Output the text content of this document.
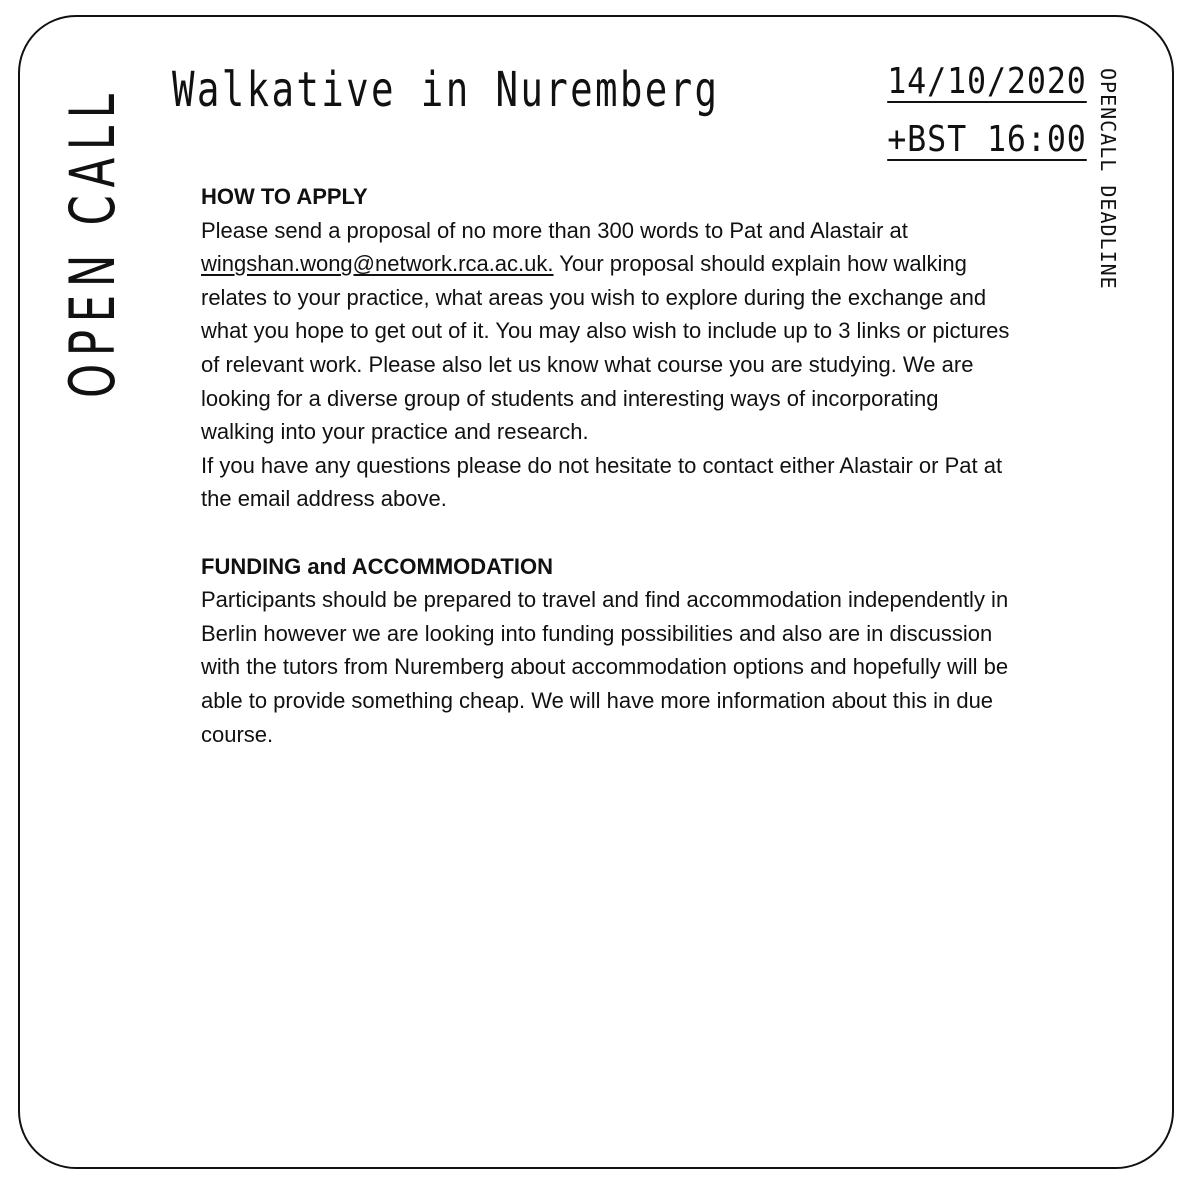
OPEN CALL Walkative in Nuremberg	14/10/2020
+BST 16:00 OPENCALL DEADLINE
HOW TO APPLY

Please send a proposal of no more than 300 words to Pat and Alastair at
wingshan.wong@network.rca.ac.uk. Your proposal should explain how walking relates to your practice, what areas you wish to explore during the exchange and what you hope to get out of it. You may also wish to include up to 3 links or pictures of relevant work. Please also let us know what course you are studying. We are looking for a diverse group of students and interesting ways of incorporating walking into your practice and research.

If you have any questions please do not hesitate to contact either Alastair or Pat at the email address above.

FUNDING and ACCOMMODATION

Participants should be prepared to travel and find accommodation independently in Berlin however we are looking into funding possibilities and also are in discussion with the tutors from Nuremberg about accommodation options and hopefully will be able to provide something cheap. We will have more information about this in due course.
